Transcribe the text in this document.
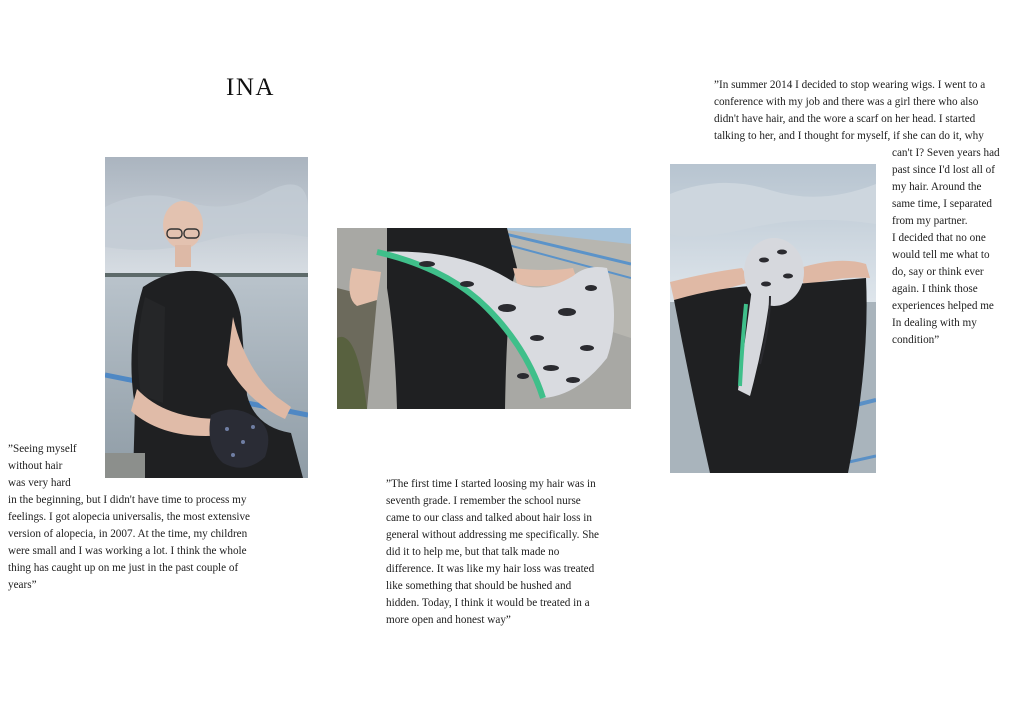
INA
”Seeing myself
without hair
was very hard
in the beginning, but I didn't have time to process my
feelings. I got alopecia universalis, the most extensive
version of alopecia, in 2007. At the time, my children
were small and I was working a lot. I think the whole
thing has caught up on me just in the past couple of
years”
”The first time I started loosing my hair was in
seventh grade. I remember the school nurse
came to our class and talked about hair loss in
general without addressing me specifically. She
did it to help me, but that talk made no
difference. It was like my hair loss was treated
like something that should be hushed and
hidden. Today, I think it would be treated in a
more open and honest way”
”In summer 2014 I decided to stop wearing wigs. I went to a
conference with my job and there was a girl there who also
didn't have hair, and the wore a scarf on her head. I started
talking to her, and I thought for myself, if she can do it, why
can't I? Seven years had
past since I'd lost all of
my hair. Around the
same time, I separated
from my partner.
I decided that no one
would tell me what to
do, say or think ever
again. I think those
experiences helped me
In dealing with my
condition”
